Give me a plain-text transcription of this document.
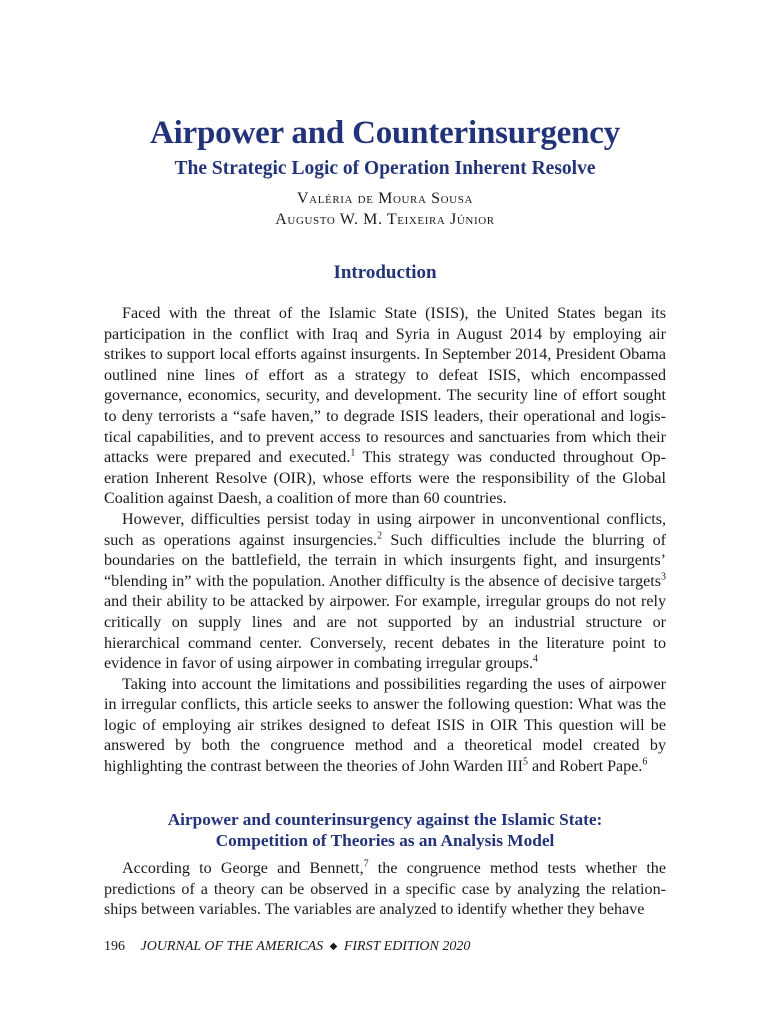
Airpower and Counterinsurgency
The Strategic Logic of Operation Inherent Resolve
Valéria de Moura Sousa
Augusto W. M. Teixeira Júnior
Introduction

Faced with the threat of the Islamic State (ISIS), the United States began its participation in the conflict with Iraq and Syria in August 2014 by employing air strikes to support local efforts against insurgents. In September 2014, President Obama outlined nine lines of effort as a strategy to defeat ISIS, which encompassed governance, economics, security, and development. The security line of effort sought to deny terrorists a “safe haven,” to degrade ISIS leaders, their operational and logistical capabilities, and to prevent access to resources and sanctuaries from which their attacks were prepared and executed.$^1$ This strategy was conducted throughout Operation Inherent Resolve (OIR), whose efforts were the responsibility of the Global Coalition against Daesh, a coalition of more than 60 countries.

However, difficulties persist today in using airpower in unconventional conflicts, such as operations against insurgencies.$^2$ Such difficulties include the blurring of boundaries on the battlefield, the terrain in which insurgents fight, and insurgents’ “blending in” with the population. Another difficulty is the absence of decisive targets$^3$ and their ability to be attacked by airpower. For example, irregular groups do not rely critically on supply lines and are not supported by an industrial structure or hierarchical command center. Conversely, recent debates in the literature point to evidence in favor of using airpower in combating irregular groups.$^4$

Taking into account the limitations and possibilities regarding the uses of airpower in irregular conflicts, this article seeks to answer the following question: What was the logic of employing air strikes designed to defeat ISIS in OIR This question will be answered by both the congruence method and a theoretical model created by highlighting the contrast between the theories of John Warden III$^5$ and Robert Pape.$^6$

Airpower and counterinsurgency against the Islamic State:
Competition of Theories as an Analysis Model

According to George and Bennett,$^7$ the congruence method tests whether the predictions of a theory can be observed in a specific case by analyzing the relationships between variables. The variables are analyzed to identify whether they behave

196 JOURNAL OF THE AMERICAS ◆ FIRST EDITION 2020
